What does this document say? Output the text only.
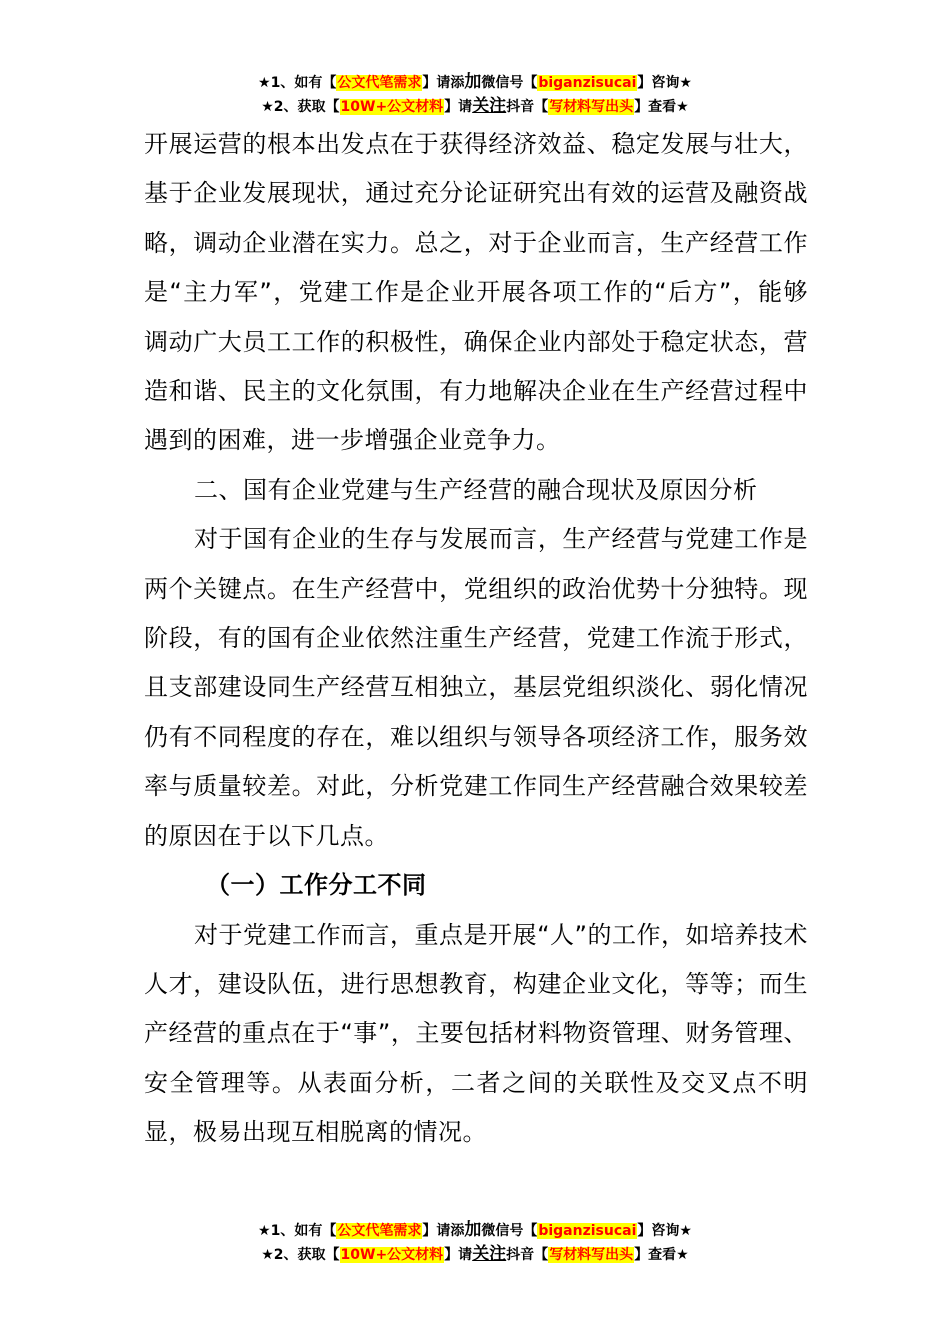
★1、如有【公文代笔需求】请添加微信号【biganzisucai】咨询★
★2、获取【10W+公文材料】请关注抖音【写材料写出头】查看★

开展运营的根本出发点在于获得经济效益、稳定发展与壮大，基于企业发展现状，通过充分论证研究出有效的运营及融资战略，调动企业潜在实力。总之，对于企业而言，生产经营工作是“主力军”，党建工作是企业开展各项工作的“后方”，能够调动广大员工工作的积极性，确保企业内部处于稳定状态，营造和谐、民主的文化氛围，有力地解决企业在生产经营过程中遇到的困难，进一步增强企业竞争力。

二、国有企业党建与生产经营的融合现状及原因分析

对于国有企业的生存与发展而言，生产经营与党建工作是两个关键点。在生产经营中，党组织的政治优势十分独特。现阶段，有的国有企业依然注重生产经营，党建工作流于形式，且支部建设同生产经营互相独立，基层党组织淡化、弱化情况仍有不同程度的存在，难以组织与领导各项经济工作，服务效率与质量较差。对此，分析党建工作同生产经营融合效果较差的原因在于以下几点。

（一）工作分工不同

对于党建工作而言，重点是开展“人”的工作，如培养技术人才，建设队伍，进行思想教育，构建企业文化，等等；而生产经营的重点在于“事”，主要包括材料物资管理、财务管理、安全管理等。从表面分析，二者之间的关联性及交叉点不明显，极易出现互相脱离的情况。

★1、如有【公文代笔需求】请添加微信号【biganzisucai】咨询★
★2、获取【10W+公文材料】请关注抖音【写材料写出头】查看★
